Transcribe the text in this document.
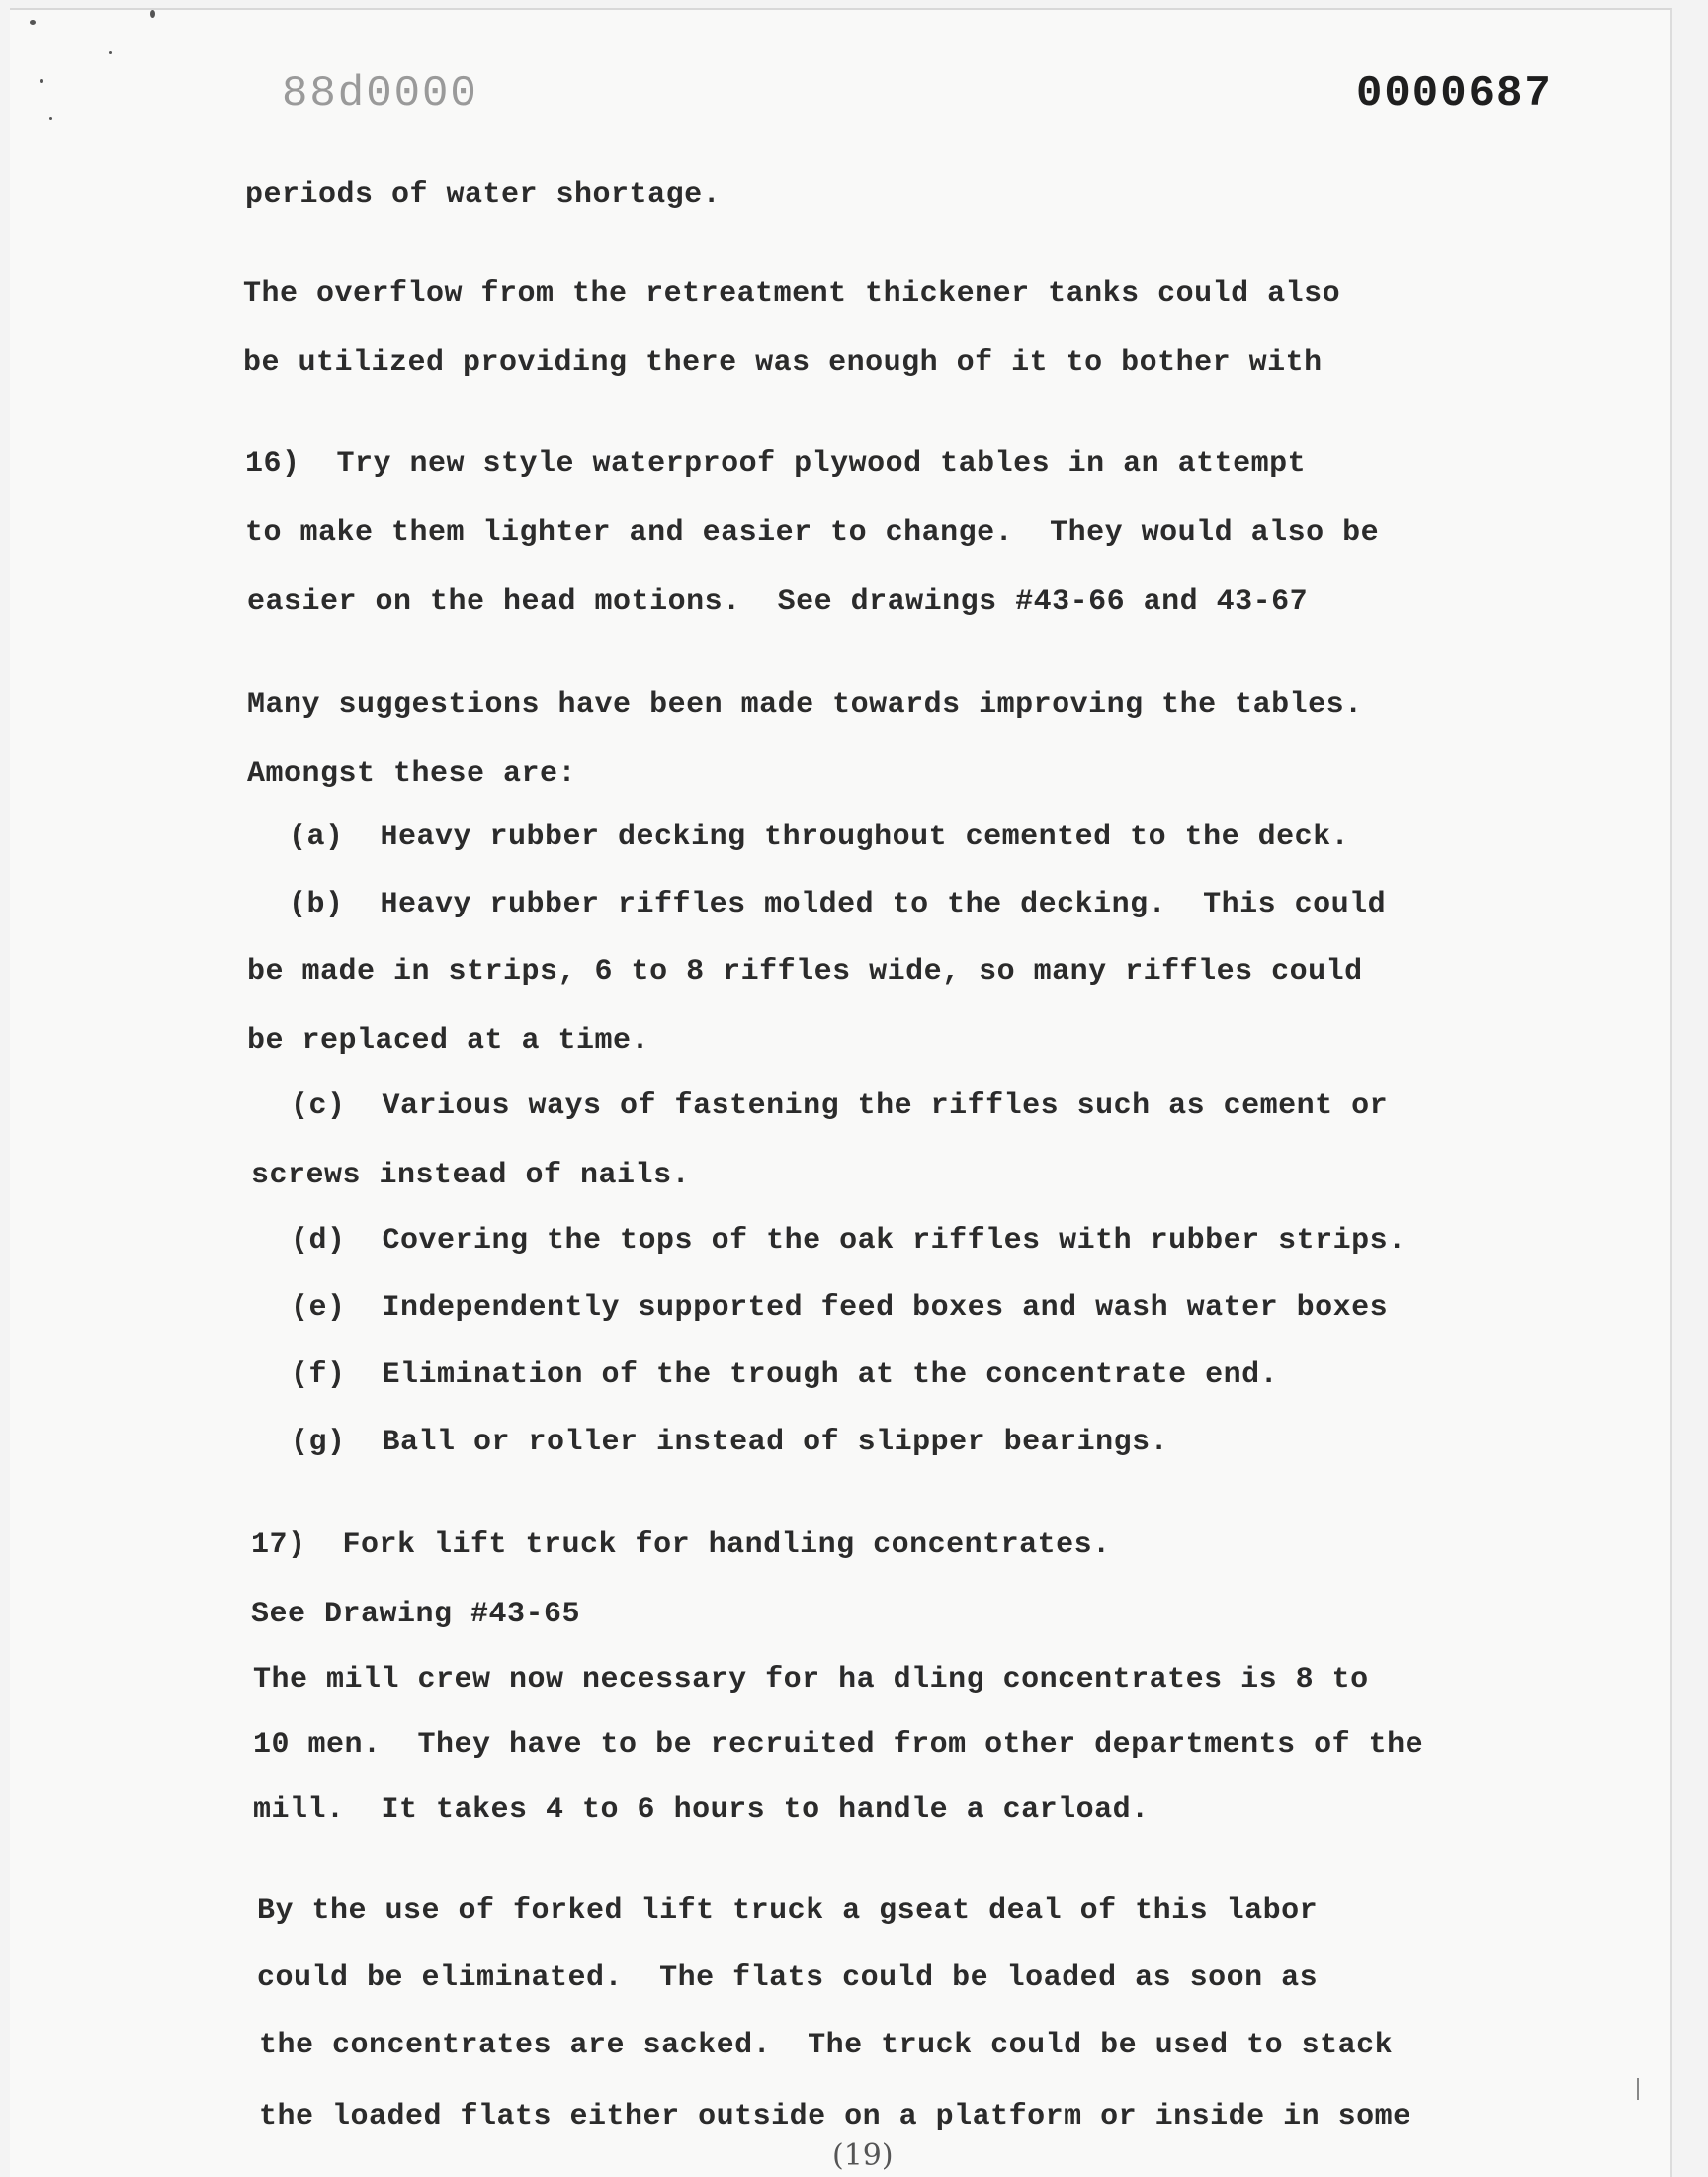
88d0000	0000687
periods of water shortage.
The overflow from the retreatment thickener tanks could also
be utilized providing there was enough of it to bother with
16)  Try new style waterproof plywood tables in an attempt
to make them lighter and easier to change.  They would also be
easier on the head motions.  See drawings #43-66 and 43-67
Many suggestions have been made towards improving the tables.
Amongst these are:
(a)  Heavy rubber decking throughout cemented to the deck.
(b)  Heavy rubber riffles molded to the decking.  This could
be made in strips, 6 to 8 riffles wide, so many riffles could
be replaced at a time.
(c)  Various ways of fastening the riffles such as cement or
screws instead of nails.
(d)  Covering the tops of the oak riffles with rubber strips.
(e)  Independently supported feed boxes and wash water boxes
(f)  Elimination of the trough at the concentrate end.
(g)  Ball or roller instead of slipper bearings.
17)  Fork lift truck for handling concentrates.
See Drawing #43-65
The mill crew now necessary for ha dling concentrates is 8 to
10 men.  They have to be recruited from other departments of the
mill.  It takes 4 to 6 hours to handle a carload.
By the use of forked lift truck a gseat deal of this labor
could be eliminated.  The flats could be loaded as soon as
the concentrates are sacked.  The truck could be used to stack
the loaded flats either outside on a platform or inside in some
(19)
